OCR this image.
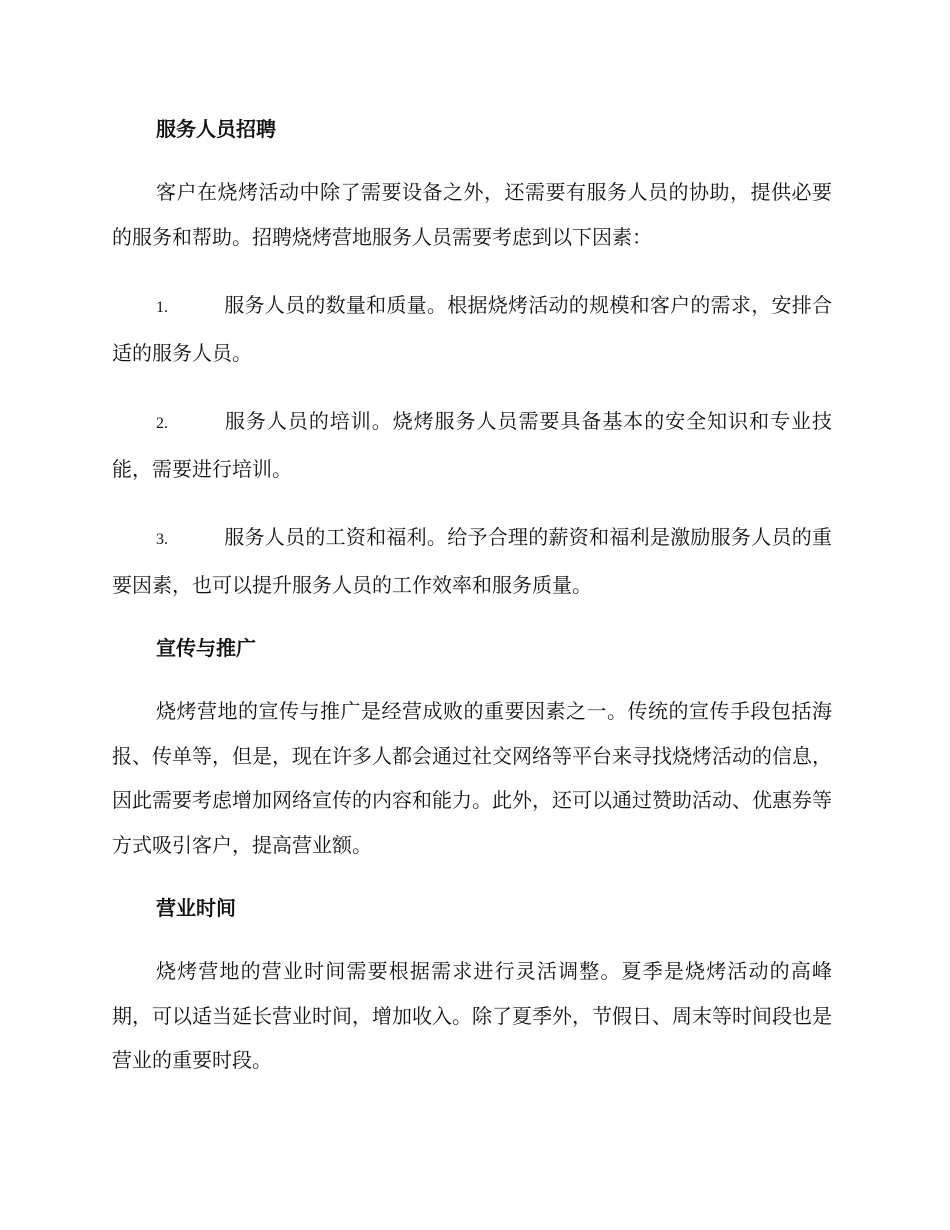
服务人员招聘

客户在烧烤活动中除了需要设备之外，还需要有服务人员的协助，提供必要的服务和帮助。招聘烧烤营地服务人员需要考虑到以下因素：

1.	服务人员的数量和质量。根据烧烤活动的规模和客户的需求，安排合适的服务人员。

2.	服务人员的培训。烧烤服务人员需要具备基本的安全知识和专业技能，需要进行培训。

3.	服务人员的工资和福利。给予合理的薪资和福利是激励服务人员的重要因素，也可以提升服务人员的工作效率和服务质量。

宣传与推广

烧烤营地的宣传与推广是经营成败的重要因素之一。传统的宣传手段包括海报、传单等，但是，现在许多人都会通过社交网络等平台来寻找烧烤活动的信息，因此需要考虑增加网络宣传的内容和能力。此外，还可以通过赞助活动、优惠券等方式吸引客户，提高营业额。

营业时间

烧烤营地的营业时间需要根据需求进行灵活调整。夏季是烧烤活动的高峰期，可以适当延长营业时间，增加收入。除了夏季外，节假日、周末等时间段也是营业的重要时段。
